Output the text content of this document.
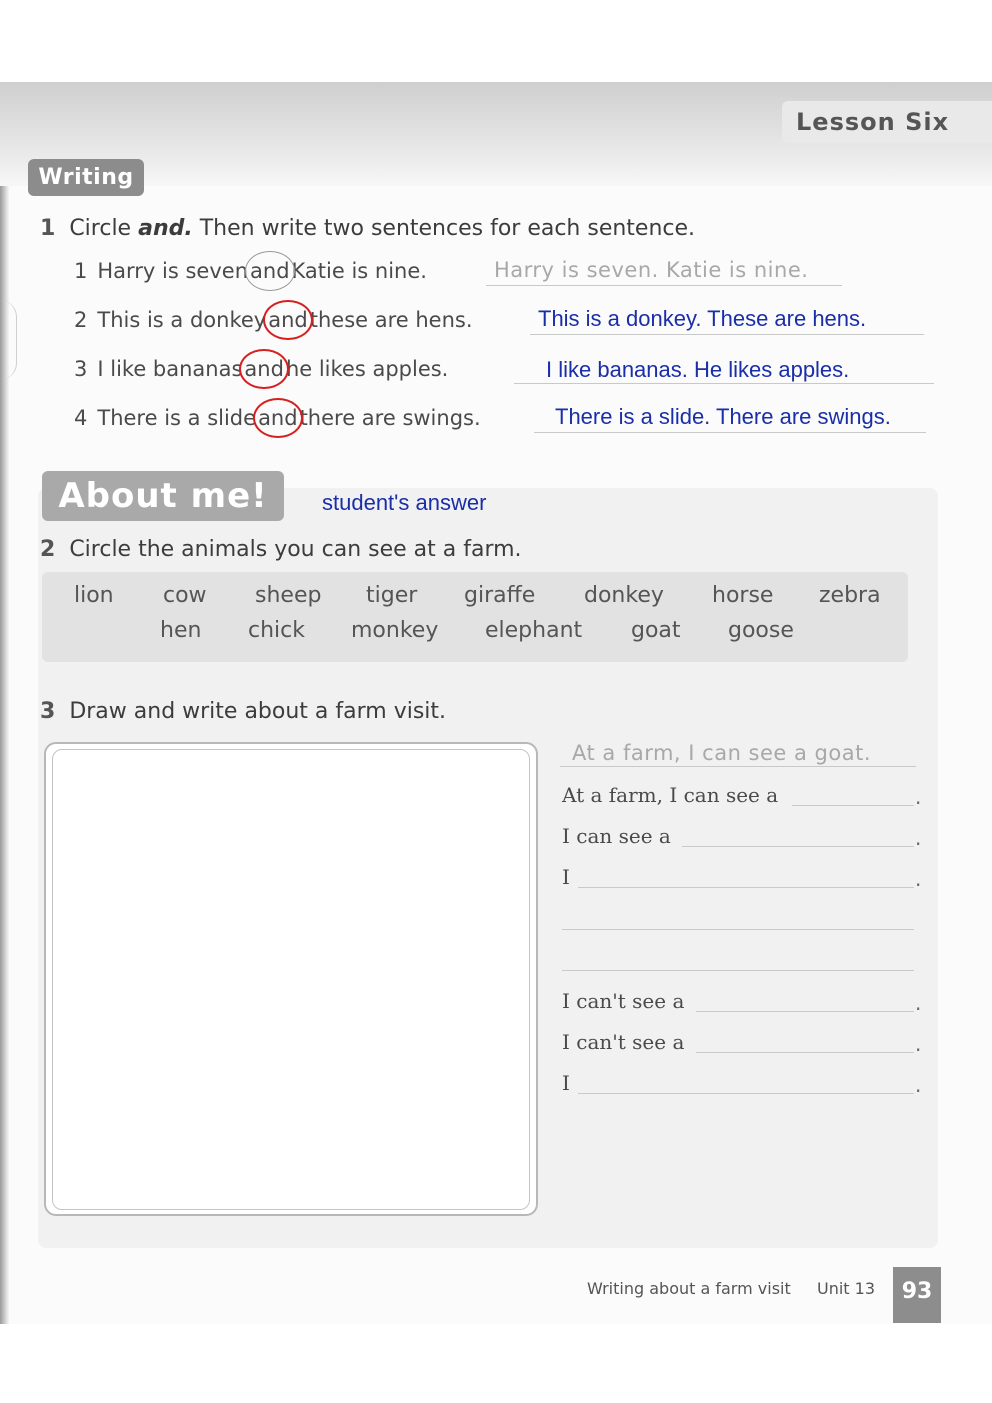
Lesson Six
Writing
1 Circle and. Then write two sentences for each sentence.
1 Harry is sevenandKatie is nine.	Harry is seven. Katie is nine.
2 This is a donkeyandthese are hens.	This is a donkey. These are hens.
3 I like bananasandhe likes apples.	I like bananas. He likes apples.
4 There is a slideandthere are swings.	There is a slide. There are swings.
About me!	student's answer
2 Circle the animals you can see at a farm.
lion cow sheep tiger giraffe donkey horse zebra
hen chick monkey elephant goat goose
3 Draw and write about a farm visit.
At a farm, I can see a goat.
At a farm, I can see a	.
I can see a	.
I	.
I can't see a	.
I can't see a	.
I	.
Writing about a farm visit Unit 13	93
